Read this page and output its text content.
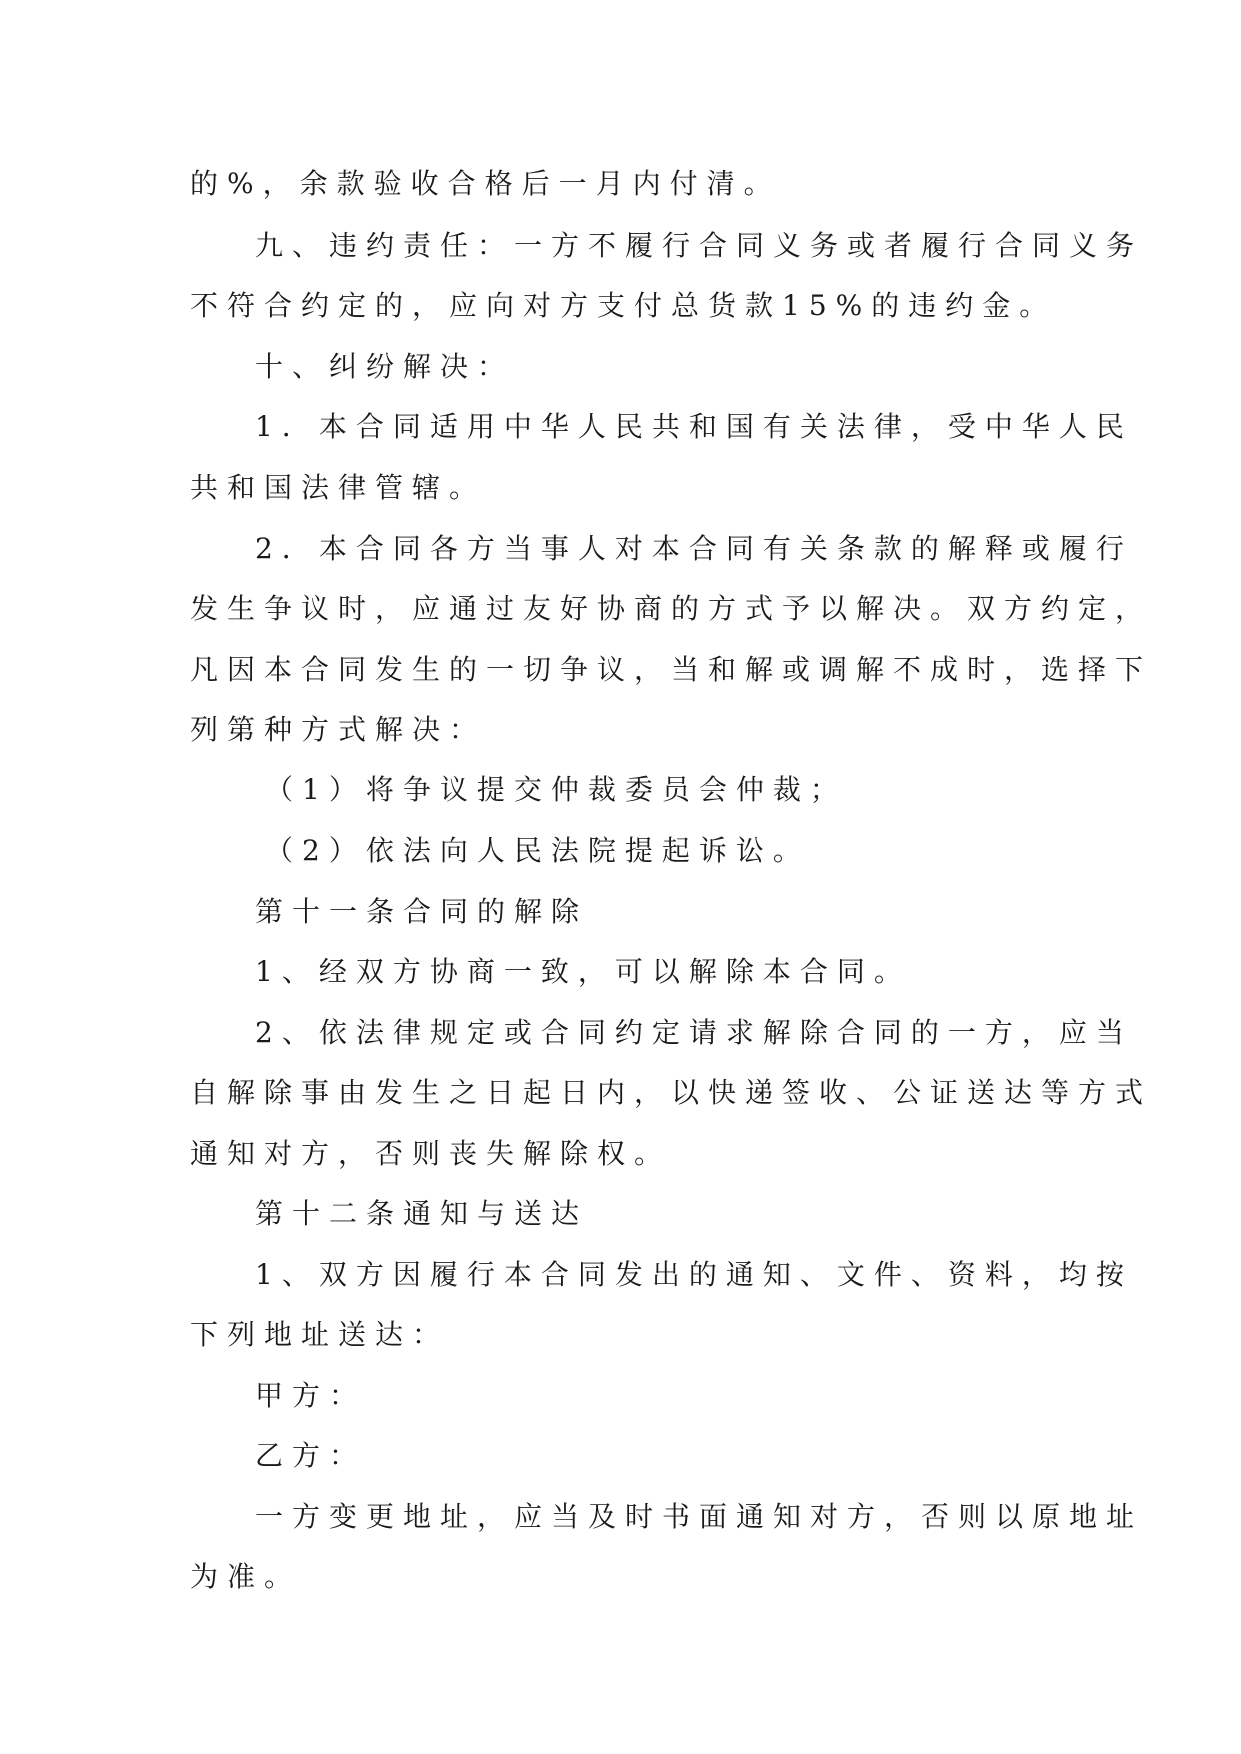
的%，余款验收合格后一月内付清。

九、违约责任：一方不履行合同义务或者履行合同义务

不符合约定的，应向对方支付总货款15%的违约金。

十、纠纷解决：

1．本合同适用中华人民共和国有关法律，受中华人民

共和国法律管辖。

2．本合同各方当事人对本合同有关条款的解释或履行

发生争议时，应通过友好协商的方式予以解决。双方约定，

凡因本合同发生的一切争议，当和解或调解不成时，选择下

列第种方式解决：

（1）将争议提交仲裁委员会仲裁；

（2）依法向人民法院提起诉讼。

第十一条合同的解除

1、经双方协商一致，可以解除本合同。

2、依法律规定或合同约定请求解除合同的一方，应当

自解除事由发生之日起日内，以快递签收、公证送达等方式

通知对方，否则丧失解除权。

第十二条通知与送达

1、双方因履行本合同发出的通知、文件、资料，均按

下列地址送达：

甲方：

乙方：

一方变更地址，应当及时书面通知对方，否则以原地址

为准。
